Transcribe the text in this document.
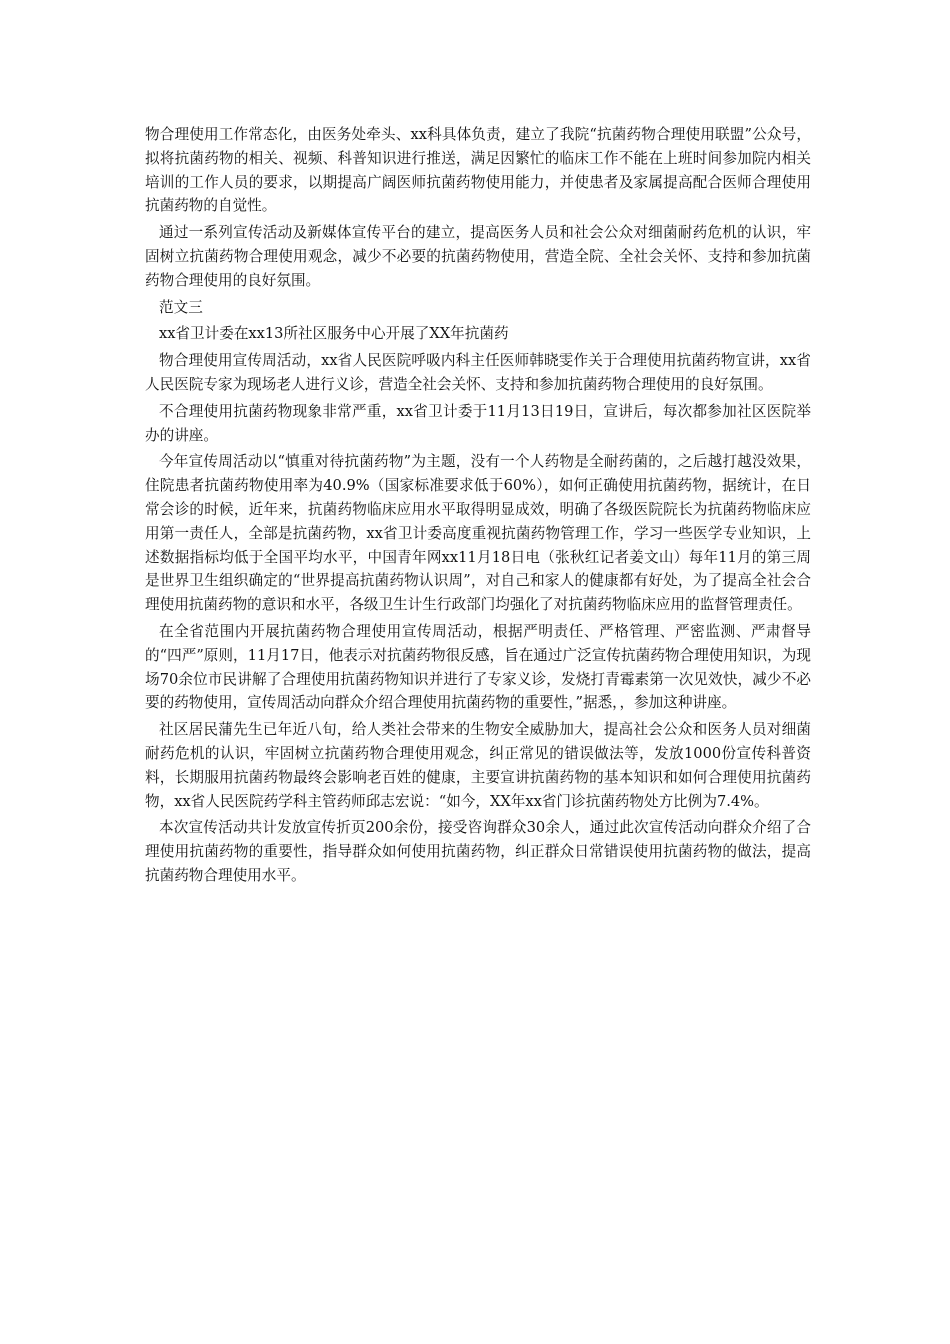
物合理使用工作常态化，由医务处牵头、xx科具体负责，建立了我院“抗菌药物合理使用联盟”公众号，拟将抗菌药物的相关、视频、科普知识进行推送，满足因繁忙的临床工作不能在上班时间参加院内相关培训的工作人员的要求，以期提高广阔医师抗菌药物使用能力，并使患者及家属提高配合医师合理使用抗菌药物的自觉性。

通过一系列宣传活动及新媒体宣传平台的建立，提高医务人员和社会公众对细菌耐药危机的认识，牢固树立抗菌药物合理使用观念，减少不必要的抗菌药物使用，营造全院、全社会关怀、支持和参加抗菌药物合理使用的良好氛围。

范文三

xx省卫计委在xx13所社区服务中心开展了XX年抗菌药

物合理使用宣传周活动，xx省人民医院呼吸内科主任医师韩晓雯作关于合理使用抗菌药物宣讲，xx省人民医院专家为现场老人进行义诊，营造全社会关怀、支持和参加抗菌药物合理使用的良好氛围。

不合理使用抗菌药物现象非常严重，xx省卫计委于11月13日19日，宣讲后，每次都参加社区医院举办的讲座。

今年宣传周活动以“慎重对待抗菌药物”为主题，没有一个人药物是全耐药菌的，之后越打越没效果，住院患者抗菌药物使用率为40.9%（国家标准要求低于60%），如何正确使用抗菌药物，据统计，在日常会诊的时候，近年来，抗菌药物临床应用水平取得明显成效，明确了各级医院院长为抗菌药物临床应用第一责任人，全部是抗菌药物，xx省卫计委高度重视抗菌药物管理工作，学习一些医学专业知识，上述数据指标均低于全国平均水平，中国青年网xx11月18日电（张秋红记者姜文山）每年11月的第三周是世界卫生组织确定的“世界提高抗菌药物认识周”，对自己和家人的健康都有好处，为了提高全社会合理使用抗菌药物的意识和水平，各级卫生计生行政部门均强化了对抗菌药物临床应用的监督管理责任。

在全省范围内开展抗菌药物合理使用宣传周活动，根据严明责任、严格管理、严密监测、严肃督导的“四严”原则，11月17日，他表示对抗菌药物很反感，旨在通过广泛宣传抗菌药物合理使用知识，为现场70余位市民讲解了合理使用抗菌药物知识并进行了专家义诊，发烧打青霉素第一次见效快，减少不必要的药物使用，宣传周活动向群众介绍合理使用抗菌药物的重要性，”据悉，，参加这种讲座。

社区居民蒲先生已年近八旬，给人类社会带来的生物安全威胁加大，提高社会公众和医务人员对细菌耐药危机的认识，牢固树立抗菌药物合理使用观念，纠正常见的错误做法等，发放1000份宣传科普资料，长期服用抗菌药物最终会影响老百姓的健康，主要宣讲抗菌药物的基本知识和如何合理使用抗菌药物，xx省人民医院药学科主管药师邱志宏说：“如今，XX年xx省门诊抗菌药物处方比例为7.4%。

本次宣传活动共计发放宣传折页200余份，接受咨询群众30余人，通过此次宣传活动向群众介绍了合理使用抗菌药物的重要性，指导群众如何使用抗菌药物，纠正群众日常错误使用抗菌药物的做法，提高抗菌药物合理使用水平。
